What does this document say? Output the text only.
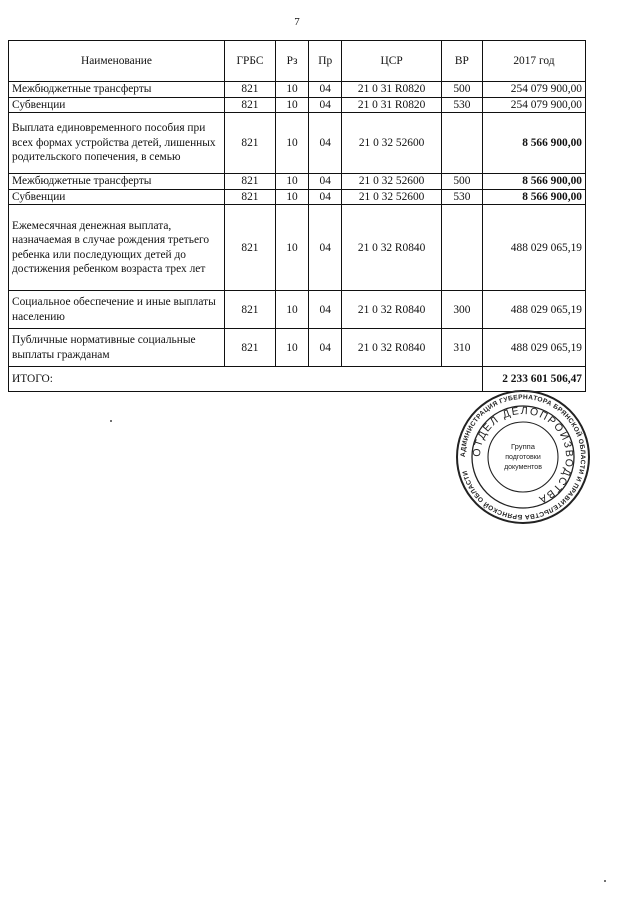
7
Наименование	ГРБС	Рз	Пр	ЦСР	ВР	2017 год
Межбюджетные трансферты	821	10	04	21 0 31 R0820	500	254 079 900,00
Субвенции	821	10	04	21 0 31 R0820	530	254 079 900,00
Выплата единовременного пособия при всех формах устройства детей, лишенных родительского попечения, в семью	821	10	04	21 0 32 52600		8 566 900,00
Межбюджетные трансферты	821	10	04	21 0 32 52600	500	8 566 900,00
Субвенции	821	10	04	21 0 32 52600	530	8 566 900,00
Ежемесячная денежная выплата, назначаемая в случае рождения третьего ребенка или последующих детей до достижения ребенком возраста трех лет	821	10	04	21 0 32 R0840		488 029 065,19
Социальное обеспечение и иные выплаты населению	821	10	04	21 0 32 R0840	300	488 029 065,19
Публичные нормативные социальные выплаты гражданам	821	10	04	21 0 32 R0840	310	488 029 065,19
ИТОГО:						2 233 601 506,47
АДМИНИСТРАЦИЯ ГУБЕРНАТОРА БРЯНСКОЙ ОБЛАСТИ И ПРАВИТЕЛЬСТВА БРЯНСКОЙ ОБЛАСТИ
ОТДЕЛ ДЕЛОПРОИЗВОДСТВА
Группа
подготовки
документов
